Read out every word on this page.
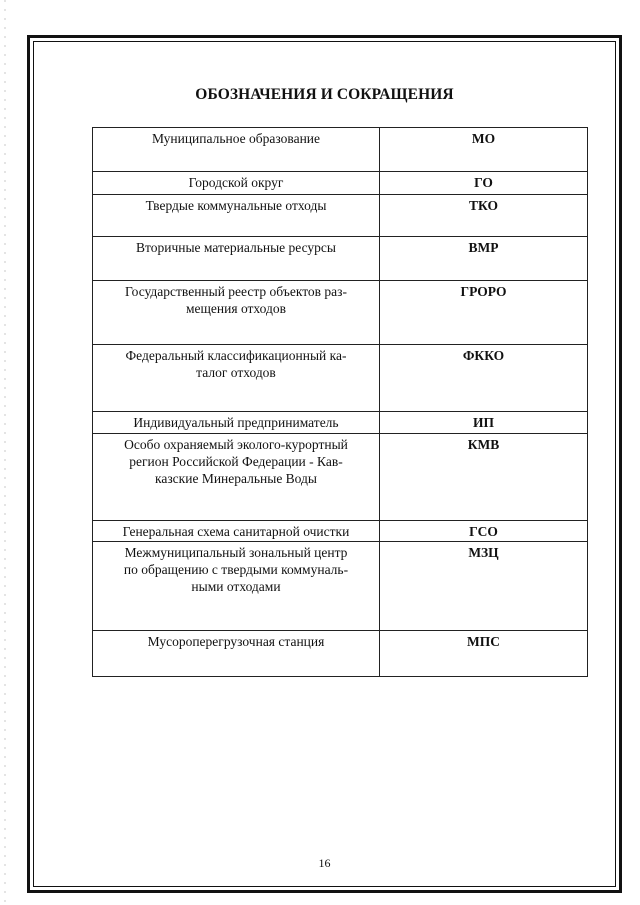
ОБОЗНАЧЕНИЯ И СОКРАЩЕНИЯ
Муниципальное образование	МО
Городской округ	ГО
Твердые коммунальные отходы	ТКО
Вторичные материальные ресурсы	ВМР
Государственный реестр объектов раз-
мещения отходов	ГРОРО
Федеральный классификационный ка-
талог отходов	ФККО
Индивидуальный предприниматель	ИП
Особо охраняемый эколого-курортный
регион Российской Федерации - Кав-
казские Минеральные Воды	КМВ
Генеральная схема санитарной очистки	ГСО
Межмуниципальный зональный центр
по обращению с твердыми коммуналь-
ными отходами	МЗЦ
Мусороперегрузочная станция	МПС
16
